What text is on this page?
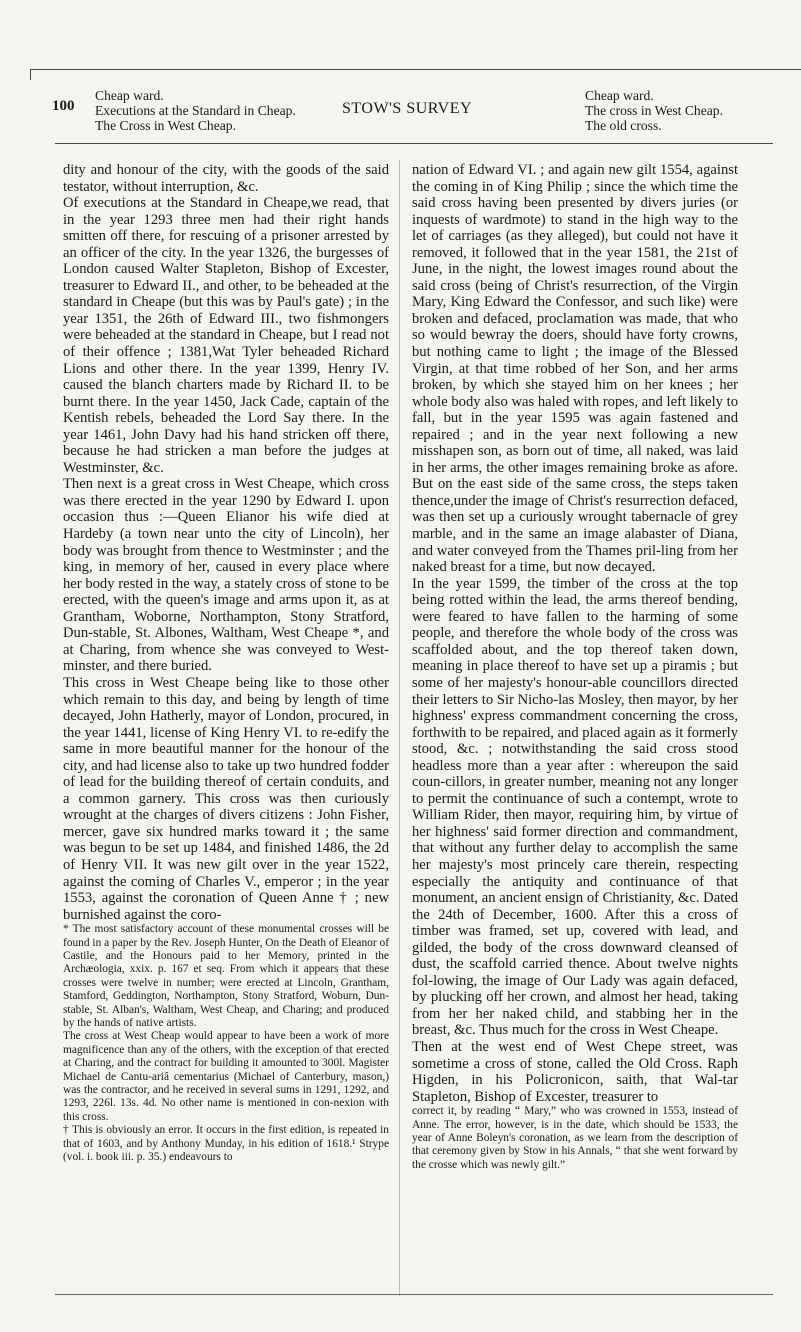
100
Cheap ward.
Executions at the Standard in Cheap.
The Cross in West Cheap.
STOW'S SURVEY
Cheap ward.
The cross in West Cheap.
The old cross.

dity and honour of the city, with the goods of the said testator, without interruption, &c.

Of executions at the Standard in Cheape,we read, that in the year 1293 three men had their right hands smitten off there, for rescuing of a prisoner arrested by an officer of the city. In the year 1326, the burgesses of London caused Walter Stapleton, Bishop of Excester, treasurer to Edward II., and other, to be beheaded at the standard in Cheape (but this was by Paul's gate) ; in the year 1351, the 26th of Edward III., two fishmongers were beheaded at the standard in Cheape, but I read not of their offence ; 1381,Wat Tyler beheaded Richard Lions and other there. In the year 1399, Henry IV. caused the blanch charters made by Richard II. to be burnt there. In the year 1450, Jack Cade, captain of the Kentish rebels, beheaded the Lord Say there. In the year 1461, John Davy had his hand stricken off there, because he had stricken a man before the judges at Westminster, &c.

Then next is a great cross in West Cheape, which cross was there erected in the year 1290 by Edward I. upon occasion thus :—Queen Elianor his wife died at Hardeby (a town near unto the city of Lincoln), her body was brought from thence to Westminster ; and the king, in memory of her, caused in every place where her body rested in the way, a stately cross of stone to be erected, with the queen's image and arms upon it, as at Grantham, Woborne, Northampton, Stony Stratford, Dun-stable, St. Albones, Waltham, West Cheape *, and at Charing, from whence she was conveyed to West-minster, and there buried.

This cross in West Cheape being like to those other which remain to this day, and being by length of time decayed, John Hatherly, mayor of London, procured, in the year 1441, license of King Henry VI. to re-edify the same in more beautiful manner for the honour of the city, and had license also to take up two hundred fodder of lead for the building thereof of certain conduits, and a common garnery. This cross was then curiously wrought at the charges of divers citizens : John Fisher, mercer, gave six hundred marks toward it ; the same was begun to be set up 1484, and finished 1486, the 2d of Henry VII. It was new gilt over in the year 1522, against the coming of Charles V., emperor ; in the year 1553, against the coronation of Queen Anne † ; new burnished against the coro-

* The most satisfactory account of these monumental crosses will be found in a paper by the Rev. Joseph Hunter, On the Death of Eleanor of Castile, and the Honours paid to her Memory, printed in the Archæologia, xxix. p. 167 et seq. From which it appears that these crosses were twelve in number; were erected at Lincoln, Grantham, Stamford, Geddington, Northampton, Stony Stratford, Woburn, Dun-stable, St. Alban's, Waltham, West Cheap, and Charing; and produced by the hands of native artists.

The cross at West Cheap would appear to have been a work of more magnificence than any of the others, with the exception of that erected at Charing, and the contract for building it amounted to 300l. Magister Michael de Cantu-ariâ cementarius (Michael of Canterbury, mason,) was the contractor, and he received in several sums in 1291, 1292, and 1293, 226l. 13s. 4d. No other name is mentioned in con-nexion with this cross.

† This is obviously an error. It occurs in the first edition, is repeated in that of 1603, and by Anthony Munday, in his edition of 1618.¹ Strype (vol. i. book iii. p. 35.) endeavours to

nation of Edward VI. ; and again new gilt 1554, against the coming in of King Philip ; since the which time the said cross having been presented by divers juries (or inquests of wardmote) to stand in the high way to the let of carriages (as they alleged), but could not have it removed, it followed that in the year 1581, the 21st of June, in the night, the lowest images round about the said cross (being of Christ's resurrection, of the Virgin Mary, King Edward the Confessor, and such like) were broken and defaced, proclamation was made, that who so would bewray the doers, should have forty crowns, but nothing came to light ; the image of the Blessed Virgin, at that time robbed of her Son, and her arms broken, by which she stayed him on her knees ; her whole body also was haled with ropes, and left likely to fall, but in the year 1595 was again fastened and repaired ; and in the year next following a new misshapen son, as born out of time, all naked, was laid in her arms, the other images remaining broke as afore. But on the east side of the same cross, the steps taken thence,under the image of Christ's resurrection defaced, was then set up a curiously wrought tabernacle of grey marble, and in the same an image alabaster of Diana, and water conveyed from the Thames pril-ling from her naked breast for a time, but now decayed.

In the year 1599, the timber of the cross at the top being rotted within the lead, the arms thereof bending, were feared to have fallen to the harming of some people, and therefore the whole body of the cross was scaffolded about, and the top thereof taken down, meaning in place thereof to have set up a piramis ; but some of her majesty's honour-able councillors directed their letters to Sir Nicho-las Mosley, then mayor, by her highness' express commandment concerning the cross, forthwith to be repaired, and placed again as it formerly stood, &c. ; notwithstanding the said cross stood headless more than a year after : whereupon the said coun-cillors, in greater number, meaning not any longer to permit the continuance of such a contempt, wrote to William Rider, then mayor, requiring him, by virtue of her highness' said former direction and commandment, that without any further delay to accomplish the same her majesty's most princely care therein, respecting especially the antiquity and continuance of that monument, an ancient ensign of Christianity, &c. Dated the 24th of December, 1600. After this a cross of timber was framed, set up, covered with lead, and gilded, the body of the cross downward cleansed of dust, the scaffold carried thence. About twelve nights fol-lowing, the image of Our Lady was again defaced, by plucking off her crown, and almost her head, taking from her her naked child, and stabbing her in the breast, &c. Thus much for the cross in West Cheape.

Then at the west end of West Chepe street, was sometime a cross of stone, called the Old Cross. Raph Higden, in his Policronicon, saith, that Wal-tar Stapleton, Bishop of Excester, treasurer to

correct it, by reading “ Mary,” who was crowned in 1553, instead of Anne. The error, however, is in the date, which should be 1533, the year of Anne Boleyn's coronation, as we learn from the description of that ceremony given by Stow in his Annals, “ that she went forward by the crosse which was newly gilt.”
